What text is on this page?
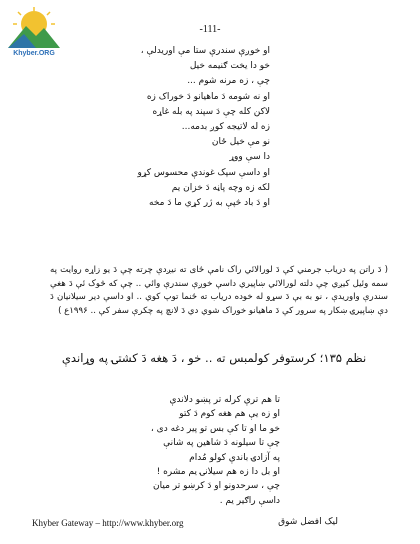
Khyber.ORG
-111-
او خوږې سندرې ستا مې اوريدلې ،
خو دا يخت ګنيمه خيل
چې ، زه مرنه شوم ...
او نه شومه دَ ماهيانو دَ خوراک زه
لاکن کله چې دَ سپند په بله غاړه
زه له لاتيجه کوږ بدمه...
نو مې خيل ځان
دا سې ووړ
او داسې سپک غوندې محسوس کړو
لکه زه وچه پاڼه دَ خزان يم
او دَ باد څپې به ژر کړي ما دَ مخه
( دَ راتن په درياب جرمني کې دَ لورالائي راک نامې ځای ته نیږدې چرته چې دَ يو زاړه روايت په سمه وئيل کيږي چې دلته لورالائي ښاپيري داسې خوږې سندرې وائي .. چې که څوک ئې دَ هغې سندرې واوريدې ، نو به بې دَ سړو له خوده درياب ته ځنما توپ کوي .. او داسې دير سيلانيان دَ دې ښاپيرۍ ښکار په سرور کې دَ ماهيانو خوراک شوي دي دَ لانچ په چکرې سفر کې .. ۱۹۹۶ع )
نظم ۱۳۵؛ کرستوفر کولمبس ته .. خو ، دَ هغه دَ کشتۍ په وړاندې
تا هم ترې کرله تر پښو دلاندې
او زه يې هم هغه کوم دَ کتو
خو ما او تا کې بس تو پير دغه دی ،
چې تا سيلونه دَ شاهين په شانې
په آزادۍ باندې کولو مُدام
او بل دا زه هم سيلانۍ يم مشره !
چې ، سرحدونو او دَ کرښو تر ميان
داسې راګير يم .
Khyber Gateway – http://www.khyber.org	ليک افضل شوق
